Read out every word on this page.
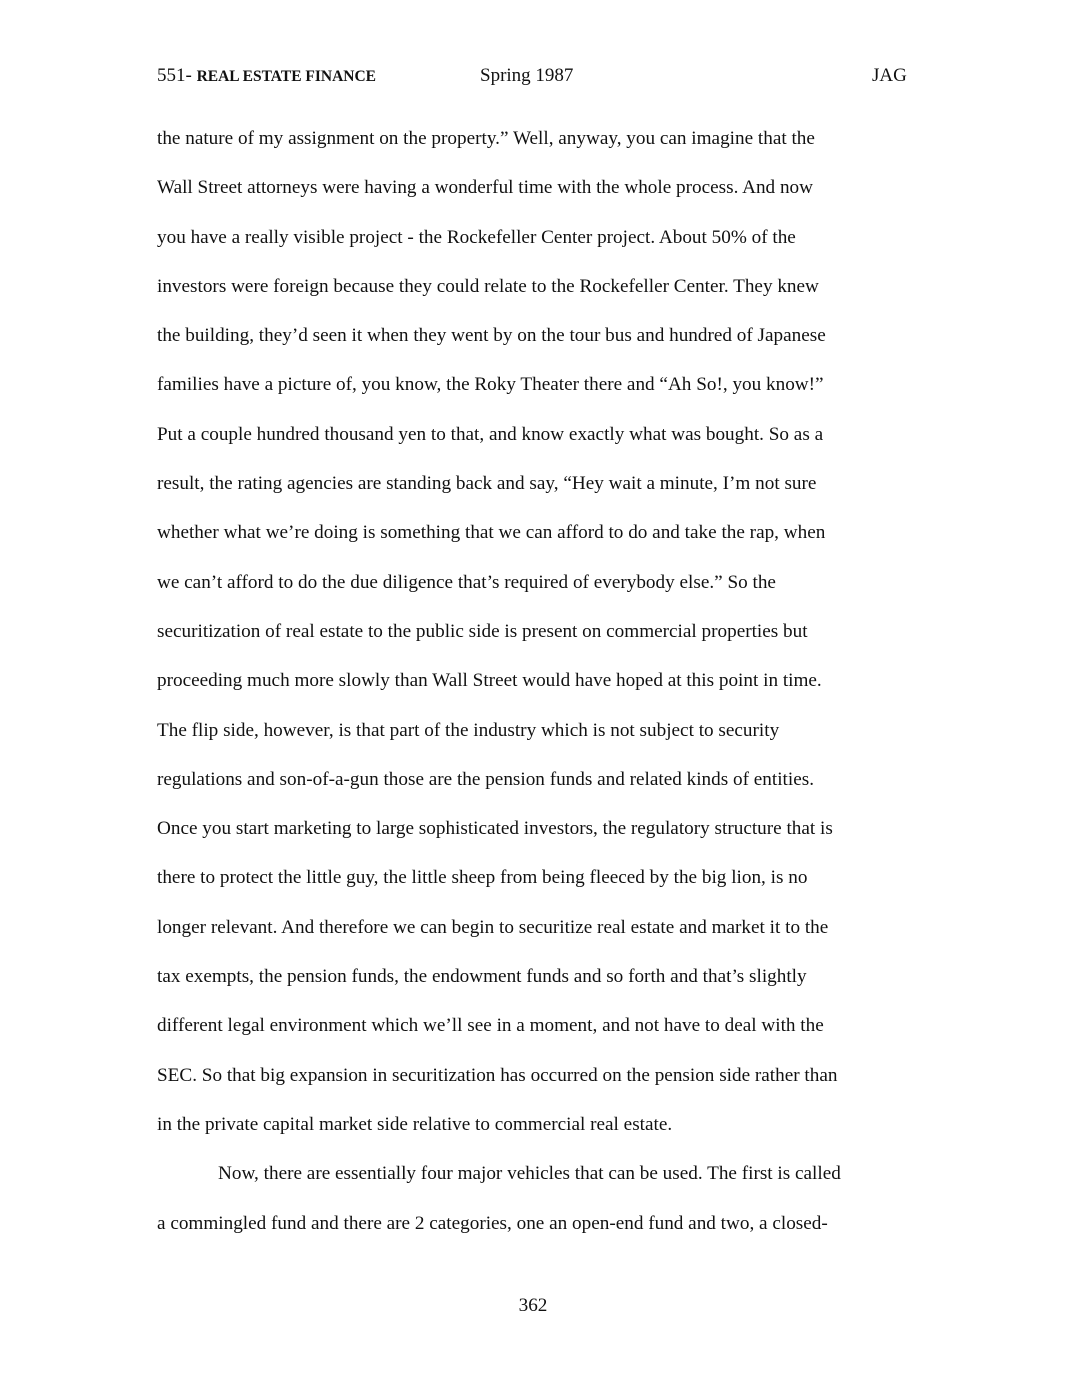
551- REAL ESTATE FINANCE	Spring 1987	JAG
the nature of my assignment on the property.” Well, anyway, you can imagine that the
Wall Street attorneys were having a wonderful time with the whole process. And now
you have a really visible project - the Rockefeller Center project. About 50% of the
investors were foreign because they could relate to the Rockefeller Center. They knew
the building, they’d seen it when they went by on the tour bus and hundred of Japanese
families have a picture of, you know, the Roky Theater there and “Ah So!, you know!”
Put a couple hundred thousand yen to that, and know exactly what was bought. So as a
result, the rating agencies are standing back and say, “Hey wait a minute, I’m not sure
whether what we’re doing is something that we can afford to do and take the rap, when
we can’t afford to do the due diligence that’s required of everybody else.” So the
securitization of real estate to the public side is present on commercial properties but
proceeding much more slowly than Wall Street would have hoped at this point in time.
The flip side, however, is that part of the industry which is not subject to security
regulations and son-of-a-gun those are the pension funds and related kinds of entities.
Once you start marketing to large sophisticated investors, the regulatory structure that is
there to protect the little guy, the little sheep from being fleeced by the big lion, is no
longer relevant. And therefore we can begin to securitize real estate and market it to the
tax exempts, the pension funds, the endowment funds and so forth and that’s slightly
different legal environment which we’ll see in a moment, and not have to deal with the
SEC. So that big expansion in securitization has occurred on the pension side rather than
in the private capital market side relative to commercial real estate.
Now, there are essentially four major vehicles that can be used. The first is called
a commingled fund and there are 2 categories, one an open-end fund and two, a closed-
362
